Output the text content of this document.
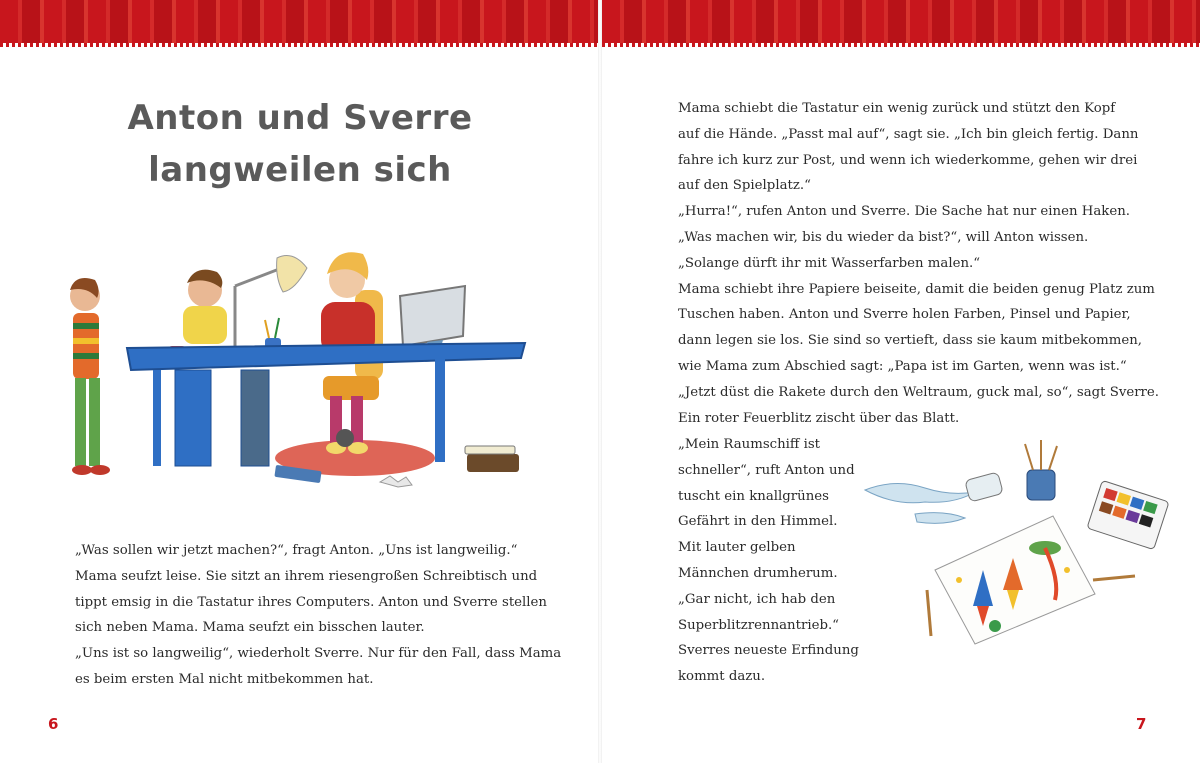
Anton und Sverre
langweilen sich

„Was sollen wir jetzt machen?“, fragt Anton. „Uns ist langweilig.“

Mama seufzt leise. Sie sitzt an ihrem riesengroßen Schreibtisch und

tippt emsig in die Tastatur ihres Computers. Anton und Sverre stellen

sich neben Mama. Mama seufzt ein bisschen lauter.

„Uns ist so langweilig“, wiederholt Sverre. Nur für den Fall, dass Mama

es beim ersten Mal nicht mitbekommen hat.

6

Mama schiebt die Tastatur ein wenig zurück und stützt den Kopf

auf die Hände. „Passt mal auf“, sagt sie. „Ich bin gleich fertig. Dann

fahre ich kurz zur Post, und wenn ich wiederkomme, gehen wir drei

auf den Spielplatz.“

„Hurra!“, rufen Anton und Sverre. Die Sache hat nur einen Haken.

„Was machen wir, bis du wieder da bist?“, will Anton wissen.

„Solange dürft ihr mit Wasserfarben malen.“

Mama schiebt ihre Papiere beiseite, damit die beiden genug Platz zum

Tuschen haben. Anton und Sverre holen Farben, Pinsel und Papier,

dann legen sie los. Sie sind so vertieft, dass sie kaum mitbekommen,

wie Mama zum Abschied sagt: „Papa ist im Garten, wenn was ist.“

„Jetzt düst die Rakete durch den Weltraum, guck mal, so“, sagt Sverre.

Ein roter Feuerblitz zischt über das Blatt.

„Mein Raumschiff ist

schneller“, ruft Anton und

tuscht ein knallgrünes

Gefährt in den Himmel.

Mit lauter gelben

Männchen drumherum.

„Gar nicht, ich hab den

Superblitzrennantrieb.“

Sverres neueste Erfindung

kommt dazu.

7
